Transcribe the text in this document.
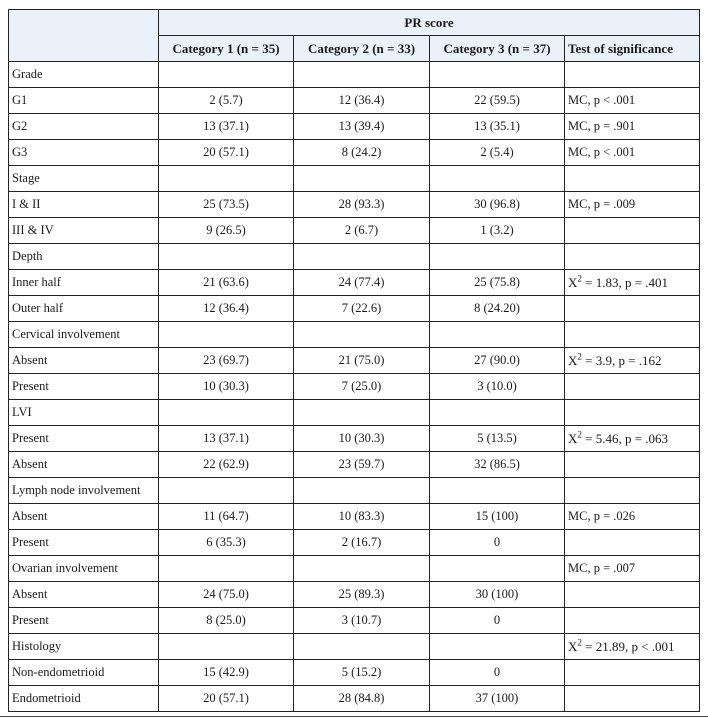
	PR score			
	Category 1 (n = 35)	Category 2 (n = 33)	Category 3 (n = 37)	Test of significance
Grade				
G1	2 (5.7)	12 (36.4)	22 (59.5)	MC, p < .001
G2	13 (37.1)	13 (39.4)	13 (35.1)	MC, p = .901
G3	20 (57.1)	8 (24.2)	2 (5.4)	MC, p < .001
Stage				
I & II	25 (73.5)	28 (93.3)	30 (96.8)	MC, p = .009
III & IV	9 (26.5)	2 (6.7)	1 (3.2)	
Depth				
Inner half	21 (63.6)	24 (77.4)	25 (75.8)	$X^2 = 1.83$, p = .401
Outer half	12 (36.4)	7 (22.6)	8 (24.20)	
Cervical involvement				
Absent	23 (69.7)	21 (75.0)	27 (90.0)	$X^2 = 3.9$, p = .162
Present	10 (30.3)	7 (25.0)	3 (10.0)	
LVI				
Present	13 (37.1)	10 (30.3)	5 (13.5)	$X^2 = 5.46$, p = .063
Absent	22 (62.9)	23 (59.7)	32 (86.5)	
Lymph node involvement				
Absent	11 (64.7)	10 (83.3)	15 (100)	MC, p = .026
Present	6 (35.3)	2 (16.7)	0	
Ovarian involvement				MC, p = .007
Absent	24 (75.0)	25 (89.3)	30 (100)	
Present	8 (25.0)	3 (10.7)	0	
Histology				$X^2 = 21.89$, p < .001
Non-endometrioid	15 (42.9)	5 (15.2)	0	
Endometrioid	20 (57.1)	28 (84.8)	37 (100)	
